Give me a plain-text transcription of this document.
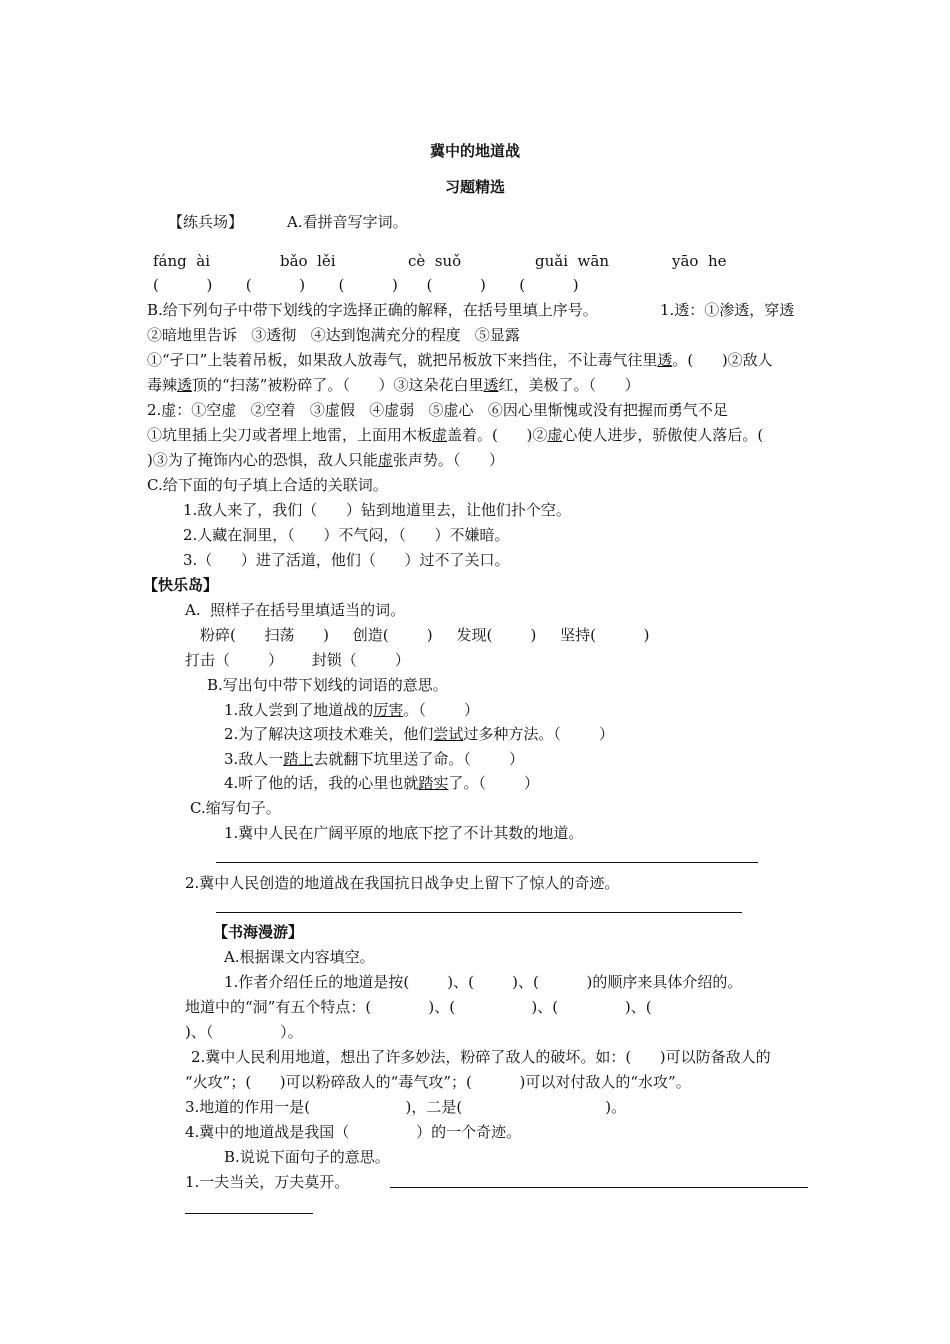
冀中的地道战
习题精选
【练兵场】	A.看拼音写字词。
fáng  ài	bǎo  lěi	cè  suǒ	guǎi  wān	yāo  he
(          )       (          )       (          )      (          )       (          )
B.给下列句子中带下划线的字选择正确的解释，在括号里填上序号。	1.透：①渗透，穿透
②暗地里告诉   ③透彻   ④达到饱满充分的程度   ⑤显露
①“孑口”上装着吊板，如果敌人放毒气，就把吊板放下来挡住，不让毒气往里透。(      )②敌人
毒辣透顶的“扫荡”被粉碎了。（      ）③这朵花白里透红，美极了。（      ）
2.虚：①空虚   ②空着   ③虚假   ④虚弱   ⑤虚心   ⑥因心里惭愧或没有把握而勇气不足
①坑里插上尖刀或者埋上地雷，上面用木板虚盖着。(      )②虚心使人进步，骄傲使人落后。(
)③为了掩饰内心的恐惧，敌人只能虚张声势。（      ）
C.给下面的句子填上合适的关联词。
1.敌人来了，我们（      ）钻到地道里去，让他们扑个空。
2.人藏在洞里，（      ）不气闷，（      ）不嫌暗。
3.（      ）进了活道，他们（      ）过不了关口。
【快乐岛】
A.  照样子在括号里填适当的词。
粉碎(      扫荡      )     创造(        )     发现(        )     坚持(          )
打击（        ）      封锁（        ）
B.写出句中带下划线的词语的意思。
1.敌人尝到了地道战的厉害。（        ）
2.为了解决这项技术难关，他们尝试过多种方法。（        ）
3.敌人一踏上去就翻下坑里送了命。（        ）
4.听了他的话，我的心里也就踏实了。（        ）
C.缩写句子。
1.冀中人民在广阔平原的地底下挖了不计其数的地道。
2.冀中人民创造的地道战在我国抗日战争史上留下了惊人的奇迹。
【书海漫游】
A.根据课文内容填空。
1.作者介绍任丘的地道是按(        )、(        )、(          )的顺序来具体介绍的。
地道中的“洞”有五个特点：(            )、(                )、(              )、(
)、（              ）。
2.冀中人民利用地道，想出了许多妙法，粉碎了敌人的破坏。如：(      )可以防备敌人的
“火攻”；(      )可以粉碎敌人的“毒气攻”；(          )可以对付敌人的“水攻”。
3.地道的作用一是(                    )，二是(                              )。
4.冀中的地道战是我国（              ）的一个奇迹。
B.说说下面句子的意思。
1.一夫当关，万夫莫开。
